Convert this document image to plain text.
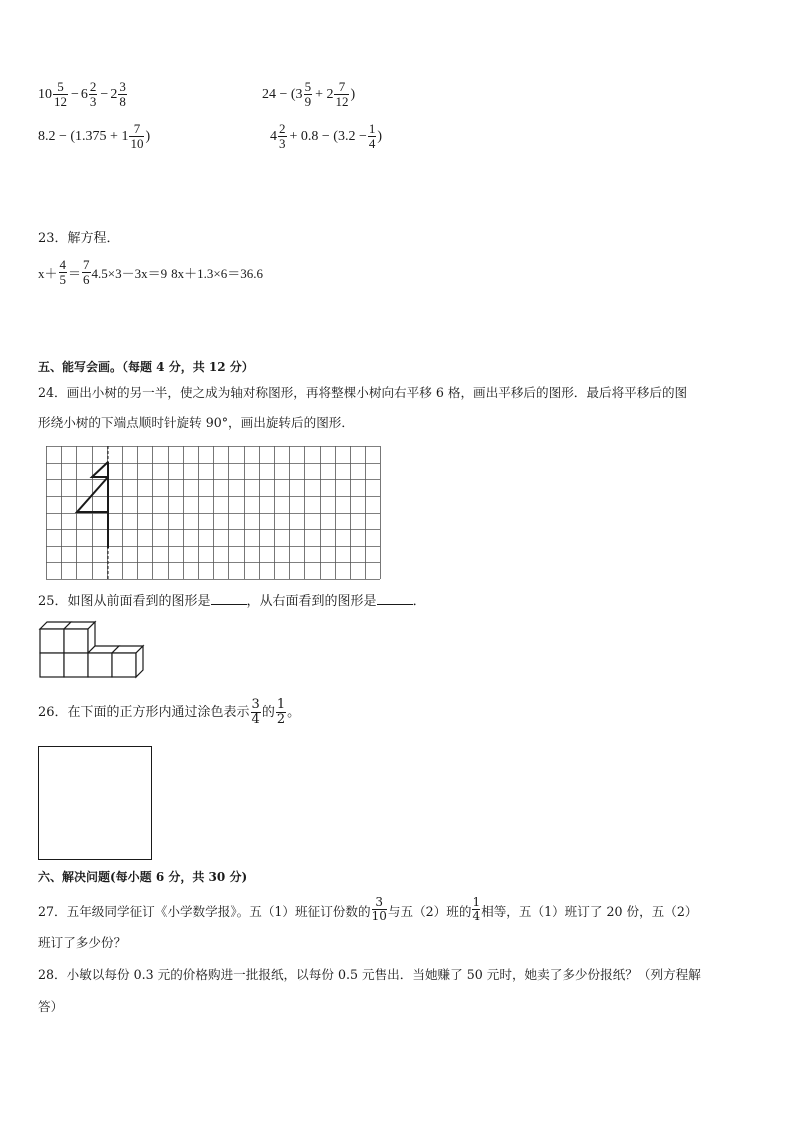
$10 \frac{5}{12} - 6 \frac{2}{3} - 2 \frac{3}{8}$	$24 - (3 \frac{5}{9} + 2 \frac{7}{12}$ )
$8.2 - (1.375 + 1 \frac{7}{10}$ )	$4 \frac{2}{3} + 0.8 - (3.2 - \frac{1}{4}$ )
23．解方程．
$x+ \frac{4}{5} = \frac{7}{6} 4.5\times 3-3x=9$ 8x＋1.3×6＝36.6
五、能写会画。（每题 4 分，共 12 分）
24．画出小树的另一半，使之成为轴对称图形，再将整棵小树向右平移 6 格，画出平移后的图形．最后将平移后的图
形绕小树的下端点顺时针旋转 90°，画出旋转后的图形．
25．如图从前面看到的图形是	，从右面看到的图形是	．
26．在下面的正方形内通过涂色表示 $\frac{3}{4}$ 的 $\frac{1}{2}$ 。
六、解决问题(每小题 6 分，共 30 分)
27．五年级同学征订《小学数学报》。五（1）班征订份数的 $\frac{3}{10}$ 与五（2）班的 $\frac{1}{4}$ 相等，五（1）班订了 20 份，五（2）
班订了多少份？
28．小敏以每份 0.3 元的价格购进一批报纸，以每份 0.5 元售出．当她赚了 50 元时，她卖了多少份报纸？（列方程解
答）
